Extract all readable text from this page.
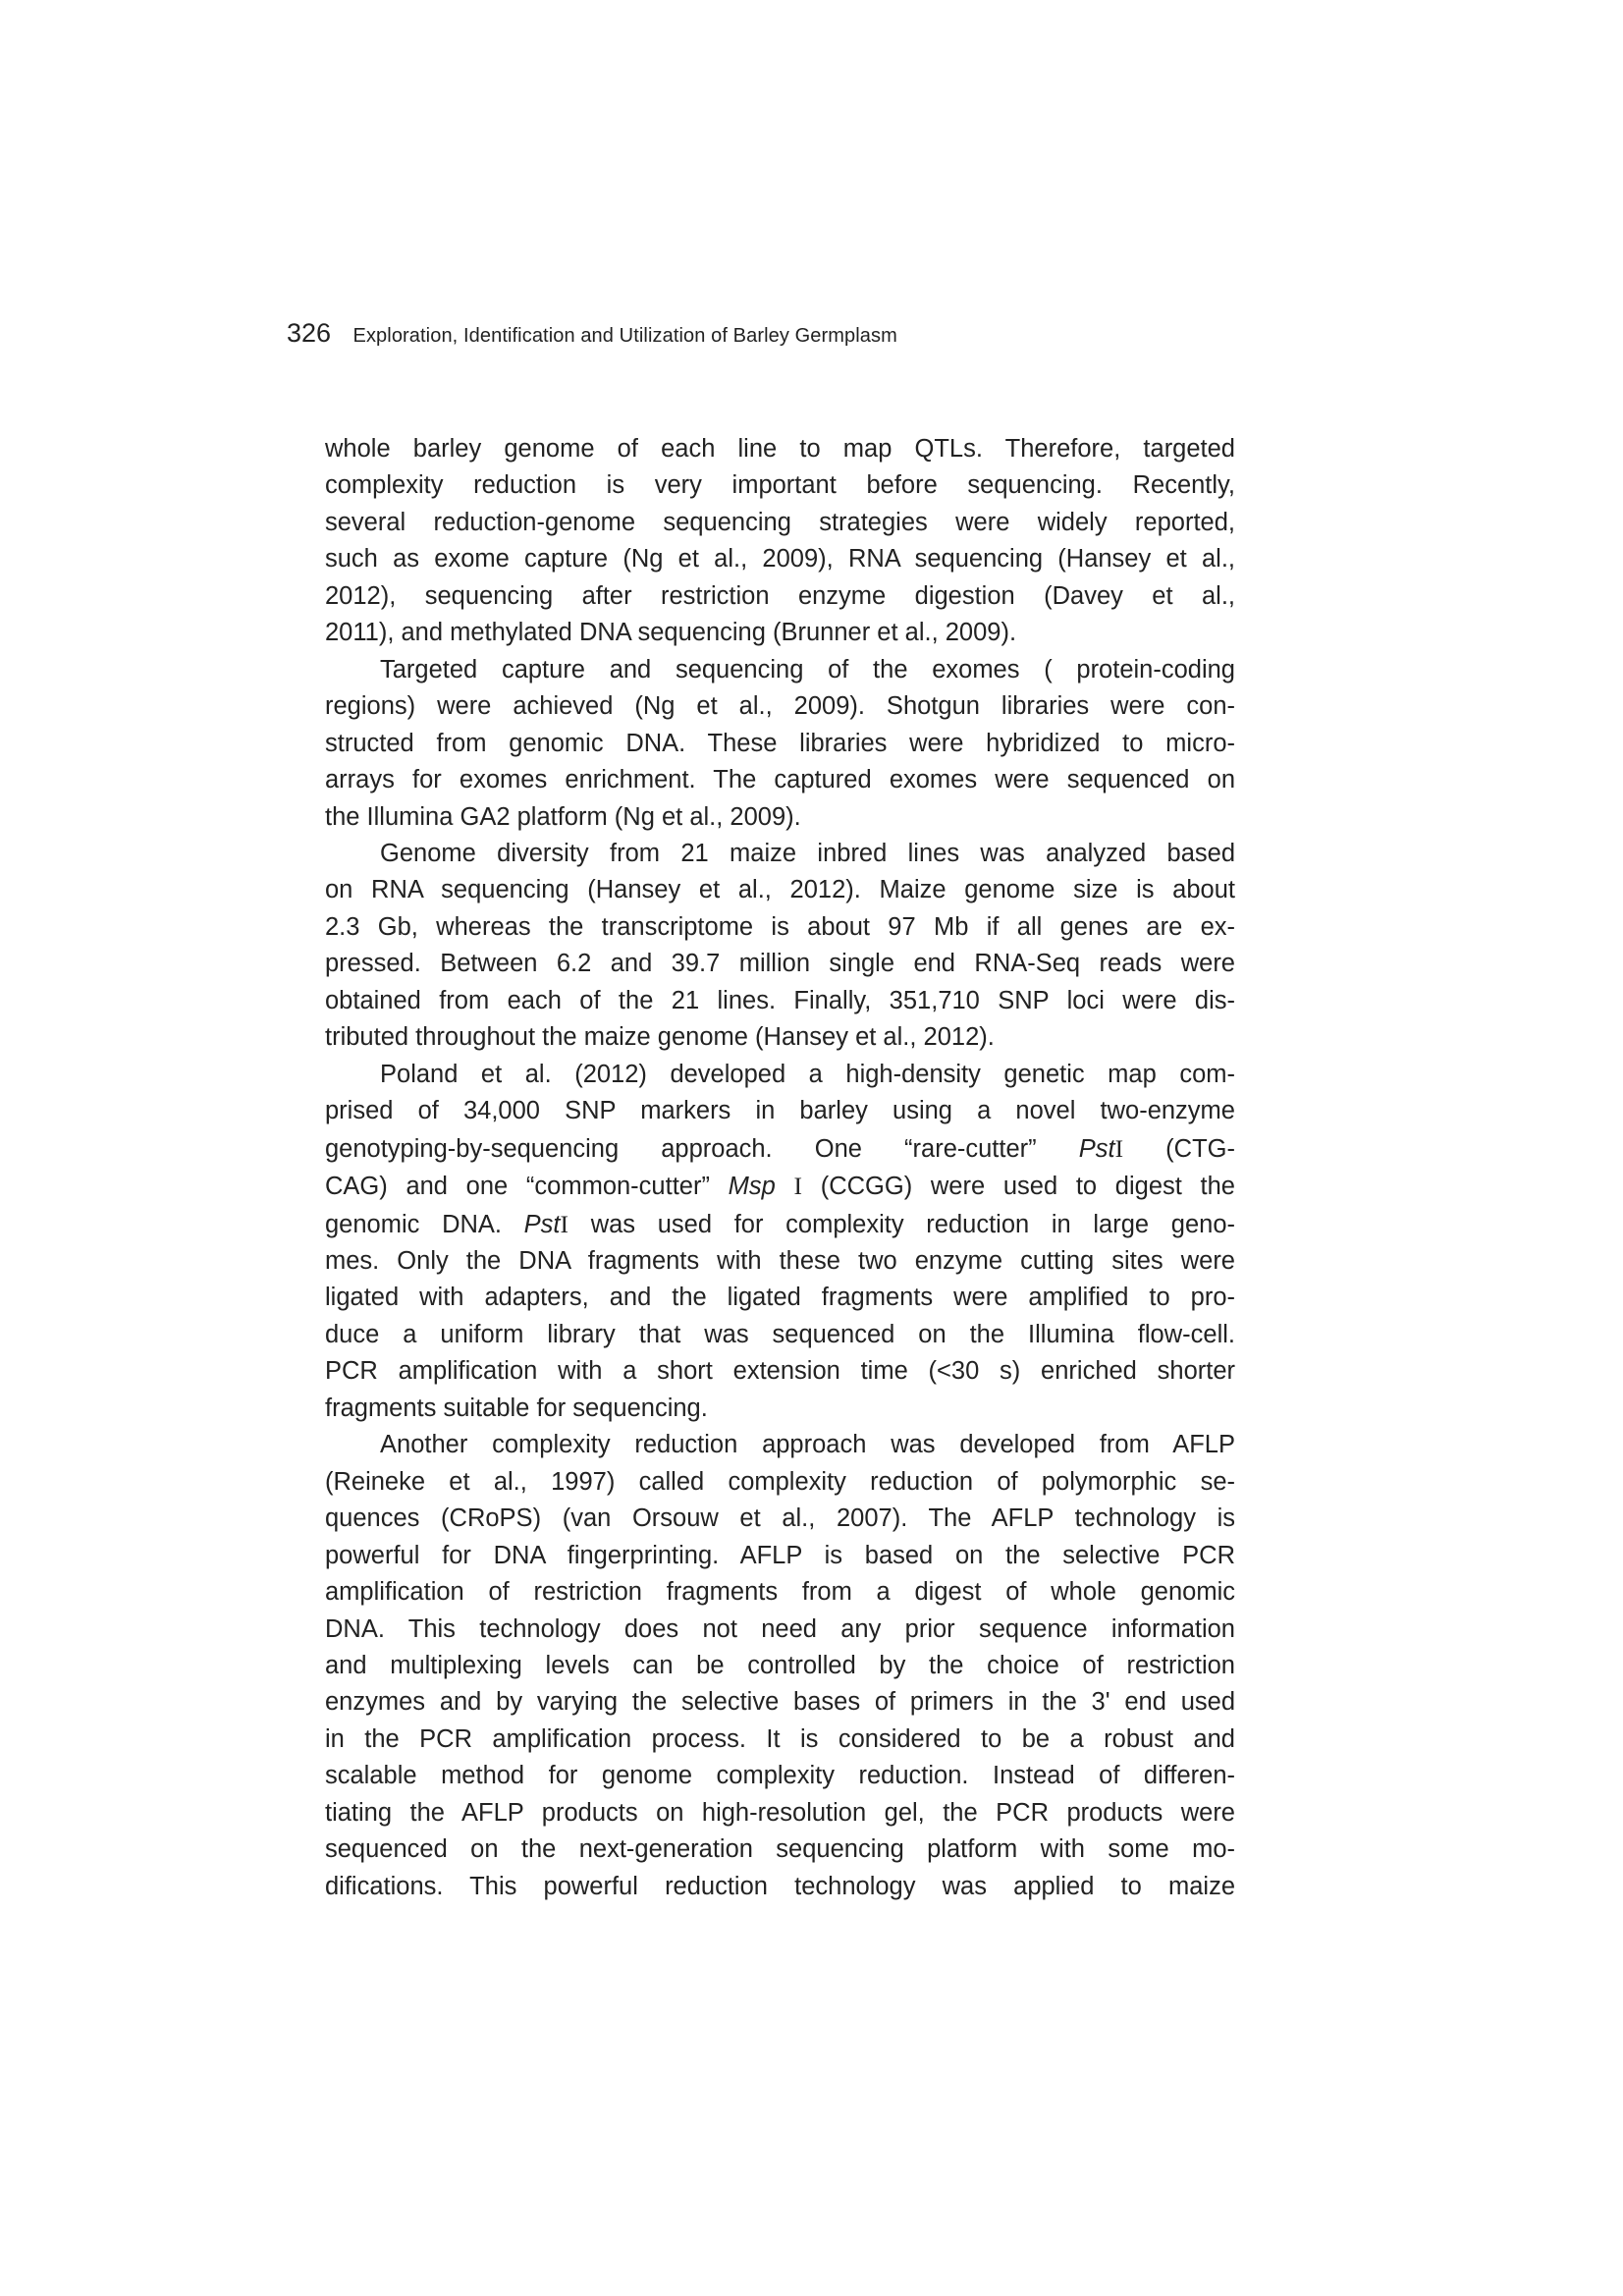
326 Exploration, Identification and Utilization of Barley Germplasm

whole barley genome of each line to map QTLs. Therefore, targeted
complexity reduction is very important before sequencing. Recently,
several reduction-genome sequencing strategies were widely reported,
such as exome capture (Ng et al., 2009), RNA sequencing (Hansey et al.,
2012), sequencing after restriction enzyme digestion (Davey et al.,
2011), and methylated DNA sequencing (Brunner et al., 2009).

Targeted capture and sequencing of the exomes ( protein-coding
regions) were achieved (Ng et al., 2009). Shotgun libraries were con-
structed from genomic DNA. These libraries were hybridized to micro-
arrays for exomes enrichment. The captured exomes were sequenced on
the Illumina GA2 platform (Ng et al., 2009).

Genome diversity from 21 maize inbred lines was analyzed based
on RNA sequencing (Hansey et al., 2012). Maize genome size is about
2.3 Gb, whereas the transcriptome is about 97 Mb if all genes are ex-
pressed. Between 6.2 and 39.7 million single end RNA-Seq reads were
obtained from each of the 21 lines. Finally, 351,710 SNP loci were dis-
tributed throughout the maize genome (Hansey et al., 2012).

Poland et al. (2012) developed a high-density genetic map com-
prised of 34,000 SNP markers in barley using a novel two-enzyme
genotyping-by-sequencing approach. One “rare-cutter” PstI (CTG-
CAG) and one “common-cutter” Msp I (CCGG) were used to digest the
genomic DNA. PstI was used for complexity reduction in large geno-
mes. Only the DNA fragments with these two enzyme cutting sites were
ligated with adapters, and the ligated fragments were amplified to pro-
duce a uniform library that was sequenced on the Illumina flow-cell.
PCR amplification with a short extension time (<30 s) enriched shorter
fragments suitable for sequencing.

Another complexity reduction approach was developed from AFLP
(Reineke et al., 1997) called complexity reduction of polymorphic se-
quences (CRoPS) (van Orsouw et al., 2007). The AFLP technology is
powerful for DNA fingerprinting. AFLP is based on the selective PCR
amplification of restriction fragments from a digest of whole genomic
DNA. This technology does not need any prior sequence information
and multiplexing levels can be controlled by the choice of restriction
enzymes and by varying the selective bases of primers in the 3' end used
in the PCR amplification process. It is considered to be a robust and
scalable method for genome complexity reduction. Instead of differen-
tiating the AFLP products on high-resolution gel, the PCR products were
sequenced on the next-generation sequencing platform with some mo-
difications. This powerful reduction technology was applied to maize
